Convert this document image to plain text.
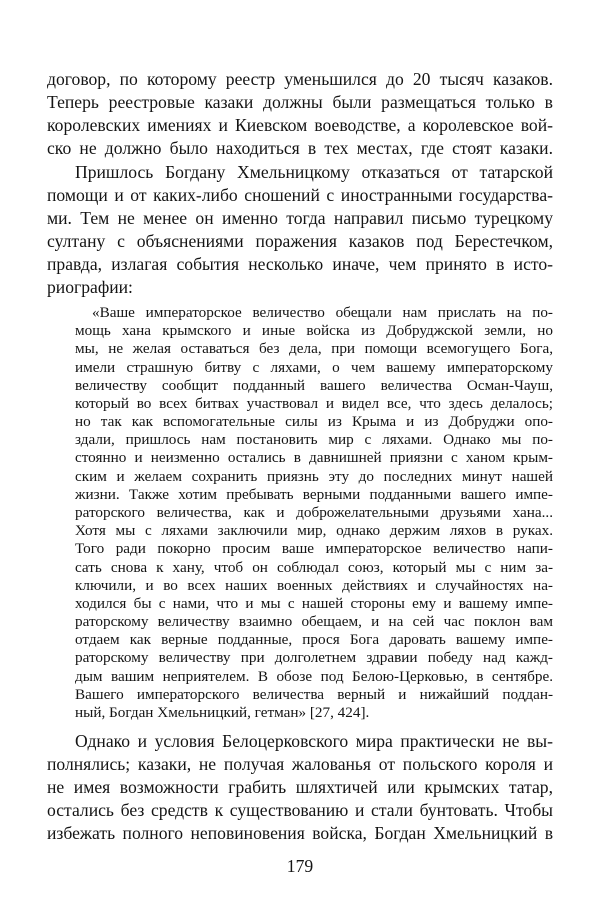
договор, по которому реестр уменьшился до 20 тысяч казаков.

Теперь реестровые казаки должны были размещаться только в

королевских имениях и Киевском воеводстве, а королевское вой-

ско не должно было находиться в тех местах, где стоят казаки.

Пришлось Богдану Хмельницкому отказаться от татарской

помощи и от каких-либо сношений с иностранными государства-

ми. Тем не менее он именно тогда направил письмо турецкому

султану с объяснениями поражения казаков под Берестечком,

правда, излагая события несколько иначе, чем принято в исто-

риографии:

«Ваше императорское величество обещали нам прислать на по-

мощь хана крымского и иные войска из Добруджской земли, но

мы, не желая оставаться без дела, при помощи всемогущего Бога,

имели страшную битву с ляхами, о чем вашему императорскому

величеству сообщит подданный вашего величества Осман-Чауш,

который во всех битвах участвовал и видел все, что здесь делалось;

но так как вспомогательные силы из Крыма и из Добруджи опо-

здали, пришлось нам постановить мир с ляхами. Однако мы по-

стоянно и неизменно остались в давнишней приязни с ханом крым-

ским и желаем сохранить приязнь эту до последних минут нашей

жизни. Также хотим пребывать верными подданными вашего импе-

раторского величества, как и доброжелательными друзьями хана...

Хотя мы с ляхами заключили мир, однако держим ляхов в руках.

Того ради покорно просим ваше императорское величество напи-

сать снова к хану, чтоб он соблюдал союз, который мы с ним за-

ключили, и во всех наших военных действиях и случайностях на-

ходился бы с нами, что и мы с нашей стороны ему и вашему импе-

раторскому величеству взаимно обещаем, и на сей час поклон вам

отдаем как верные подданные, прося Бога даровать вашему импе-

раторскому величеству при долголетнем здравии победу над кажд-

дым вашим неприятелем. В обозе под Белою-Церковью, в сентябре.

Вашего императорского величества верный и нижайший поддан-

ный, Богдан Хмельницкий, гетман» [27, 424].

Однако и условия Белоцерковского мира практически не вы-

полнялись; казаки, не получая жалованья от польского короля и

не имея возможности грабить шляхтичей или крымских татар,

остались без средств к существованию и стали бунтовать. Чтобы

избежать полного неповиновения войска, Богдан Хмельницкий в

179
